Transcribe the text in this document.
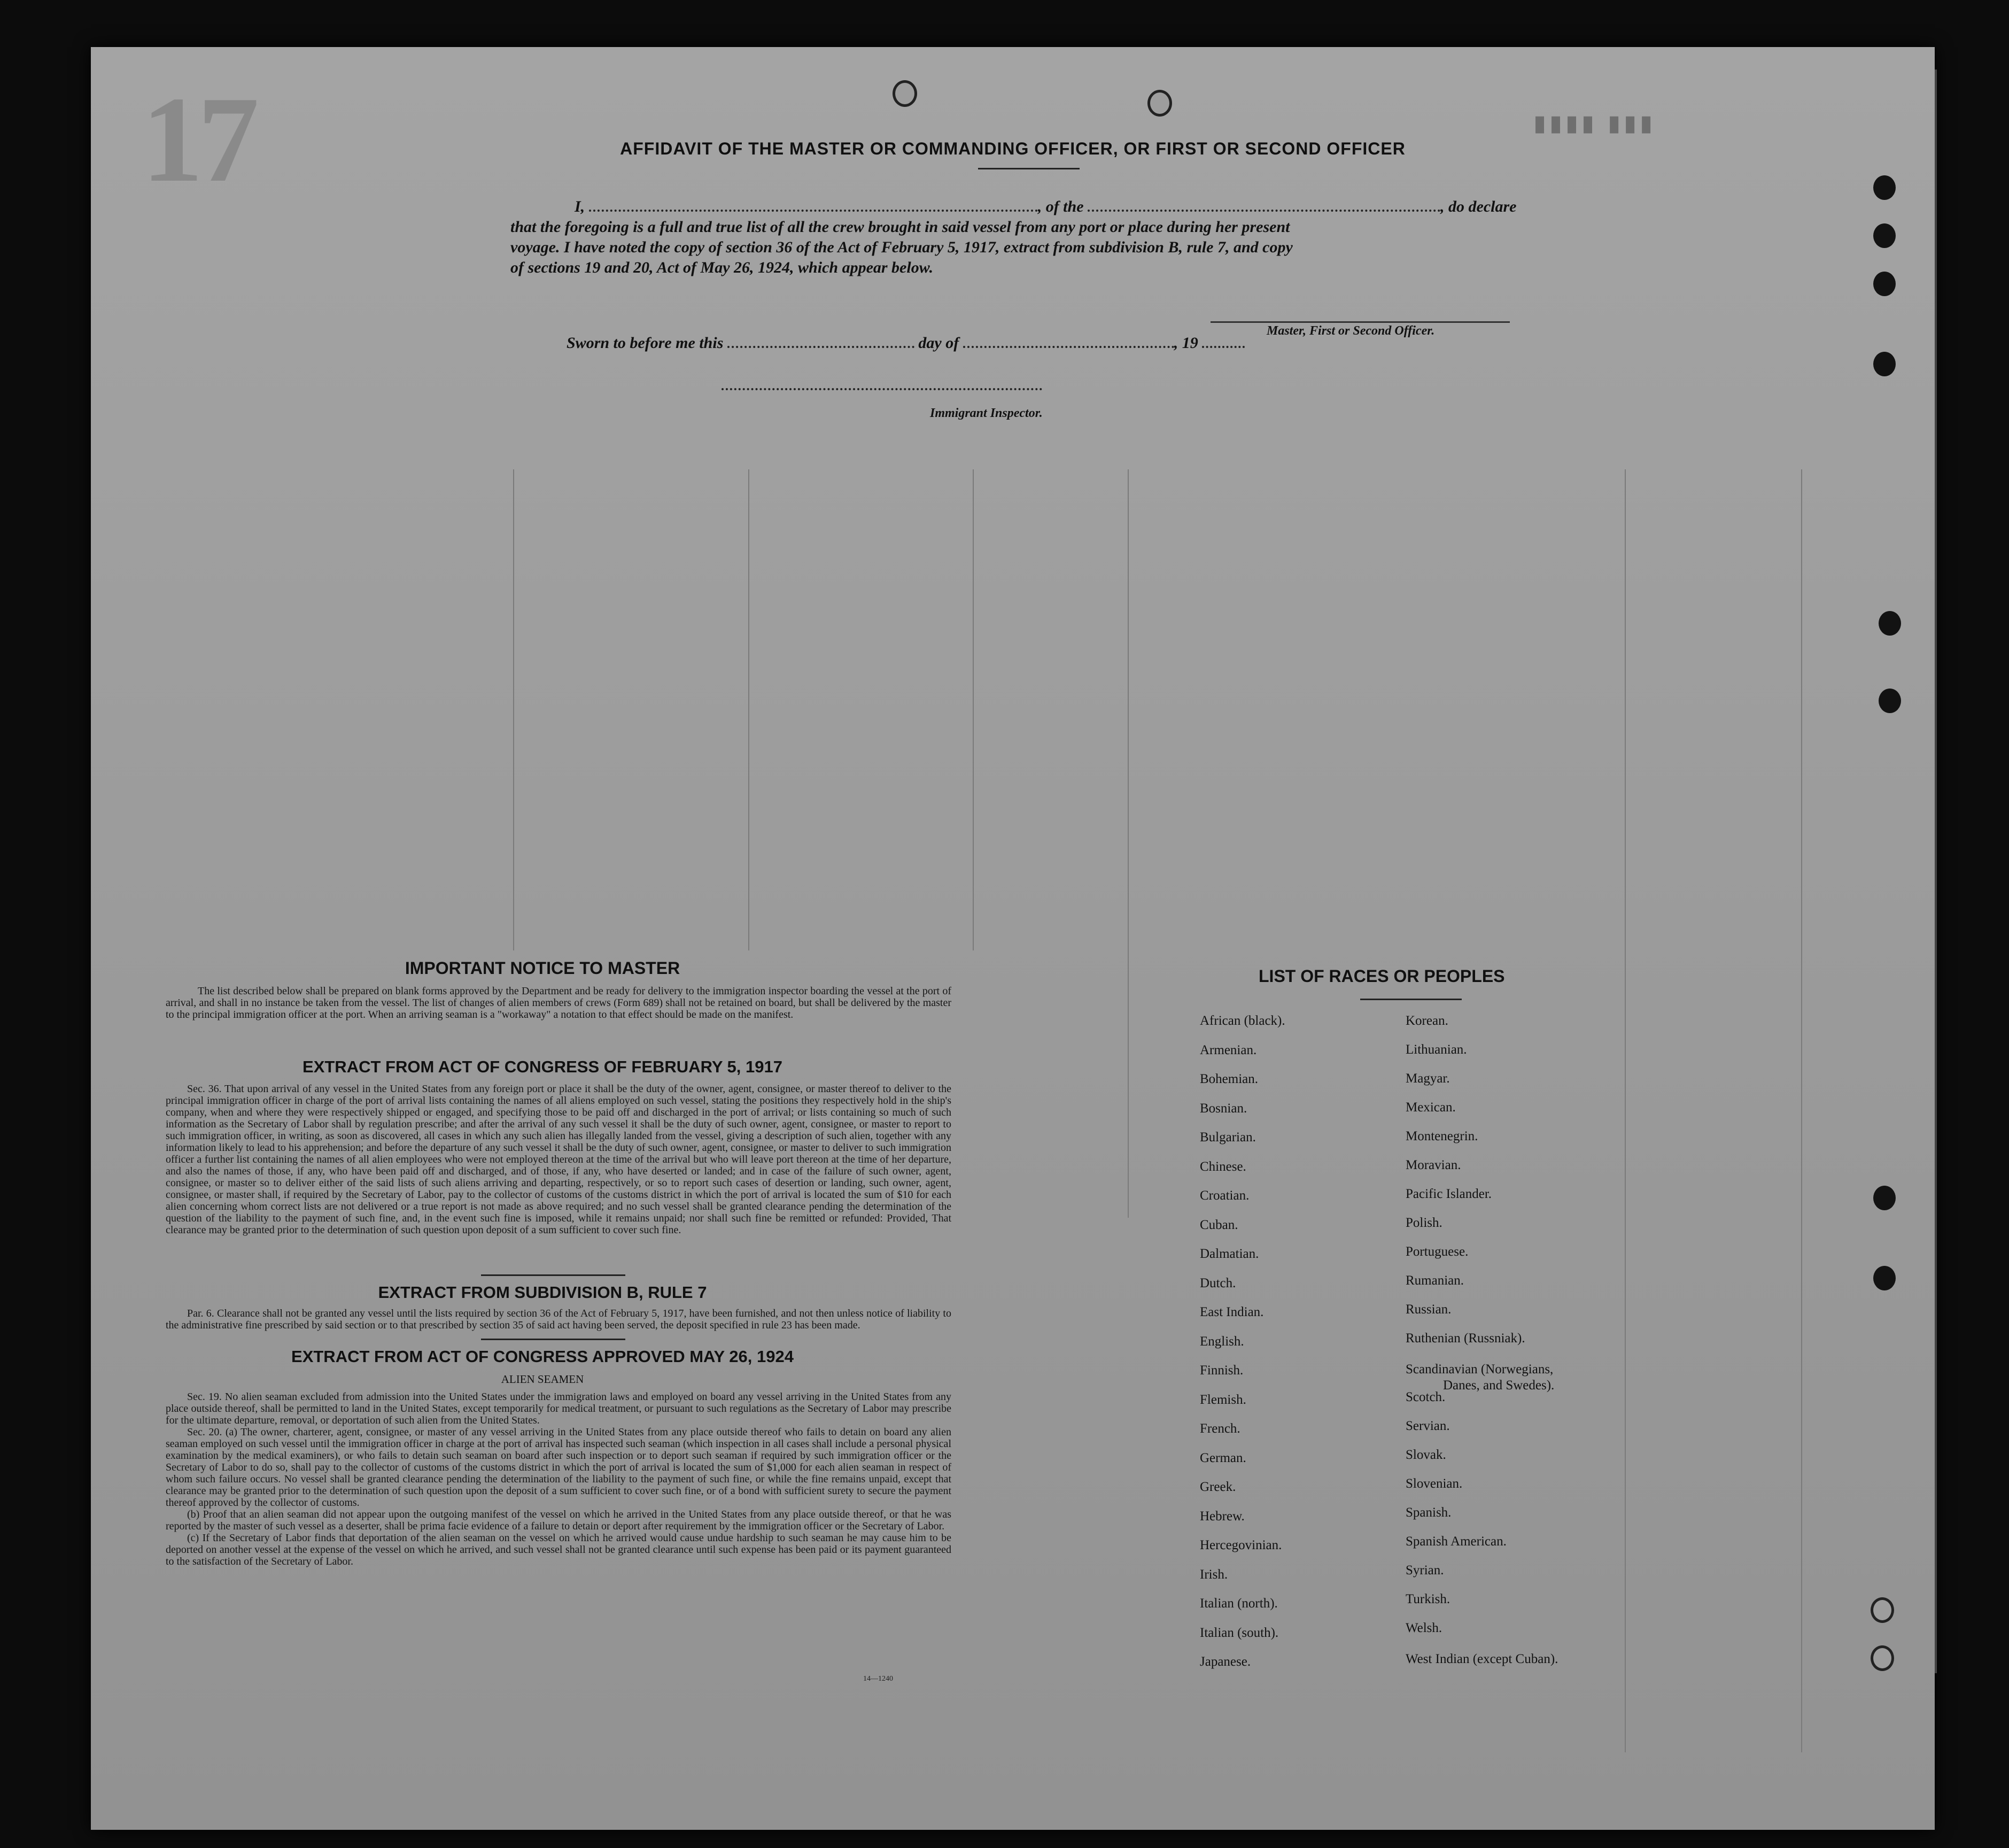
17	▮▮▮▮ ▮▮▮
AFFIDAVIT OF THE MASTER OR COMMANDING OFFICER, OR FIRST OR SECOND OFFICER
I,	, of the	, do declare
that the foregoing is a full and true list of all the crew brought in said vessel from any port or place during her present
voyage. I have noted the copy of section 36 of the Act of February 5, 1917, extract from subdivision B, rule 7, and copy
of sections 19 and 20, Act of May 26, 1924, which appear below.
Master, First or Second Officer.
Sworn to before me this	day of	, 19
Immigrant Inspector.
IMPORTANT NOTICE TO MASTER
The list described below shall be prepared on blank forms approved by the Department and be ready for delivery to the immigration inspector boarding the vessel at the port of arrival, and shall in no instance be taken from the vessel. The list of changes of alien members of crews (Form 689) shall not be retained on board, but shall be delivered by the master to the principal immigration officer at the port. When an arriving seaman is a "workaway" a notation to that effect should be made on the manifest.
EXTRACT FROM ACT OF CONGRESS OF FEBRUARY 5, 1917
Sec. 36. That upon arrival of any vessel in the United States from any foreign port or place it shall be the duty of the owner, agent, consignee, or master thereof to deliver to the principal immigration officer in charge of the port of arrival lists containing the names of all aliens employed on such vessel, stating the positions they respectively hold in the ship's company, when and where they were respectively shipped or engaged, and specifying those to be paid off and discharged in the port of arrival; or lists containing so much of such information as the Secretary of Labor shall by regulation prescribe; and after the arrival of any such vessel it shall be the duty of such owner, agent, consignee, or master to report to such immigration officer, in writing, as soon as discovered, all cases in which any such alien has illegally landed from the vessel, giving a description of such alien, together with any information likely to lead to his apprehension; and before the departure of any such vessel it shall be the duty of such owner, agent, consignee, or master to deliver to such immigration officer a further list containing the names of all alien employees who were not employed thereon at the time of the arrival but who will leave port thereon at the time of her departure, and also the names of those, if any, who have been paid off and discharged, and of those, if any, who have deserted or landed; and in case of the failure of such owner, agent, consignee, or master so to deliver either of the said lists of such aliens arriving and departing, respectively, or so to report such cases of desertion or landing, such owner, agent, consignee, or master shall, if required by the Secretary of Labor, pay to the collector of customs of the customs district in which the port of arrival is located the sum of $10 for each alien concerning whom correct lists are not delivered or a true report is not made as above required; and no such vessel shall be granted clearance pending the determination of the question of the liability to the payment of such fine, and, in the event such fine is imposed, while it remains unpaid; nor shall such fine be remitted or refunded: Provided, That clearance may be granted prior to the determination of such question upon deposit of a sum sufficient to cover such fine.
EXTRACT FROM SUBDIVISION B, RULE 7
Par. 6. Clearance shall not be granted any vessel until the lists required by section 36 of the Act of February 5, 1917, have been furnished, and not then unless notice of liability to the administrative fine prescribed by said section or to that prescribed by section 35 of said act having been served, the deposit specified in rule 23 has been made.
EXTRACT FROM ACT OF CONGRESS APPROVED MAY 26, 1924
ALIEN SEAMEN
Sec. 19. No alien seaman excluded from admission into the United States under the immigration laws and employed on board any vessel arriving in the United States from any place outside thereof, shall be permitted to land in the United States, except temporarily for medical treatment, or pursuant to such regulations as the Secretary of Labor may prescribe for the ultimate departure, removal, or deportation of such alien from the United States.
Sec. 20. (a) The owner, charterer, agent, consignee, or master of any vessel arriving in the United States from any place outside thereof who fails to detain on board any alien seaman employed on such vessel until the immigration officer in charge at the port of arrival has inspected such seaman (which inspection in all cases shall include a personal physical examination by the medical examiners), or who fails to detain such seaman on board after such inspection or to deport such seaman if required by such immigration officer or the Secretary of Labor to do so, shall pay to the collector of customs of the customs district in which the port of arrival is located the sum of $1,000 for each alien seaman in respect of whom such failure occurs. No vessel shall be granted clearance pending the determination of the liability to the payment of such fine, or while the fine remains unpaid, except that clearance may be granted prior to the determination of such question upon the deposit of a sum sufficient to cover such fine, or of a bond with sufficient surety to secure the payment thereof approved by the collector of customs.
(b) Proof that an alien seaman did not appear upon the outgoing manifest of the vessel on which he arrived in the United States from any place outside thereof, or that he was reported by the master of such vessel as a deserter, shall be prima facie evidence of a failure to detain or deport after requirement by the immigration officer or the Secretary of Labor.
(c) If the Secretary of Labor finds that deportation of the alien seaman on the vessel on which he arrived would cause undue hardship to such seaman he may cause him to be deported on another vessel at the expense of the vessel on which he arrived, and such vessel shall not be granted clearance until such expense has been paid or its payment guaranteed to the satisfaction of the Secretary of Labor.
14—1240
LIST OF RACES OR PEOPLES
Danes, and Swedes).
African (black).
Armenian.
Bohemian.
Bosnian.
Bulgarian.
Chinese.
Croatian.
Cuban.
Dalmatian.
Dutch.
East Indian.
English.
Finnish.
Flemish.
French.
German.
Greek.
Hebrew.
Hercegovinian.
Irish.
Italian (north).
Italian (south).
Japanese.
Korean.
Lithuanian.
Magyar.
Mexican.
Montenegrin.
Moravian.
Pacific Islander.
Polish.
Portuguese.
Rumanian.
Russian.
Ruthenian (Russniak).
Scandinavian (Norwegians,
Scotch.
Servian.
Slovak.
Slovenian.
Spanish.
Spanish American.
Syrian.
Turkish.
Welsh.
West Indian (except Cuban).
